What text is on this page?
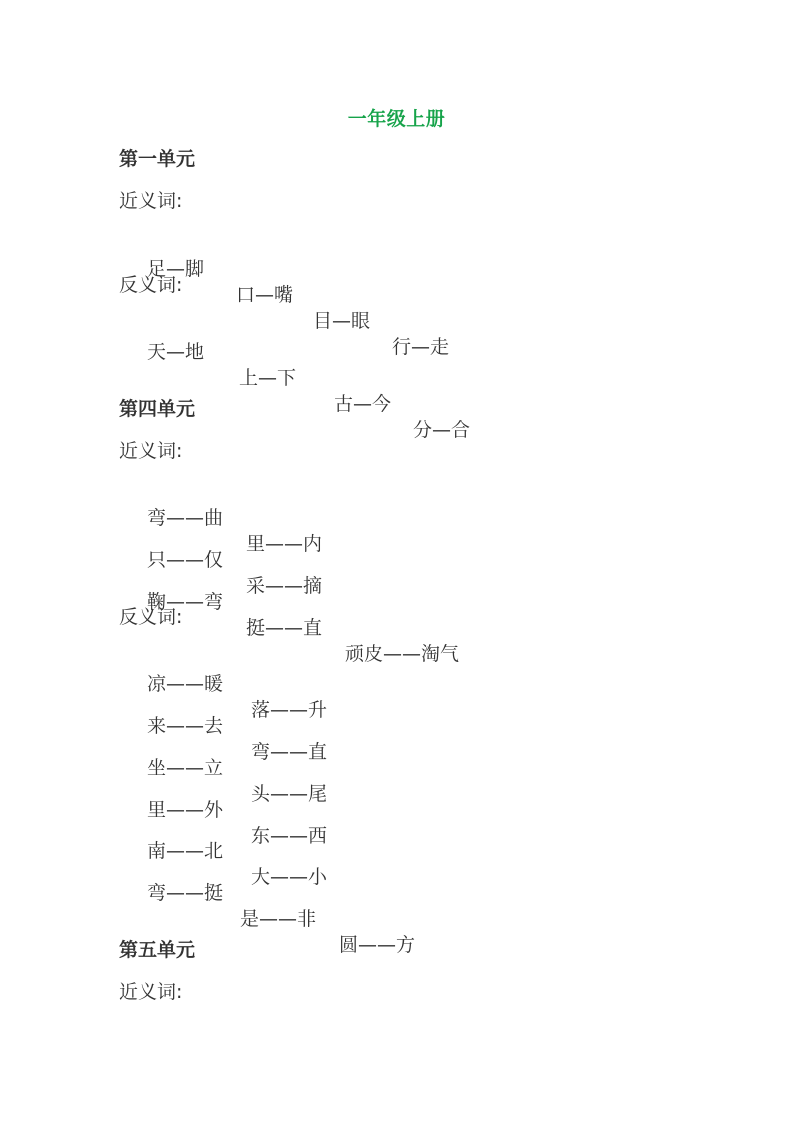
一年级上册
第一单元
近义词:

足—脚

口—嘴

目—眼

行—走

反义词:

天—地

上—下

古—今

分—合

第四单元
近义词:

弯——曲

里——内

只——仅

采——摘

鞠——弯

挺——直

顽皮——淘气

反义词:

凉——暖

落——升

来——去

弯——直

坐——立

头——尾

里——外

东——西

南——北

大——小

弯——挺

是——非

圆——方

第五单元
近义词:
